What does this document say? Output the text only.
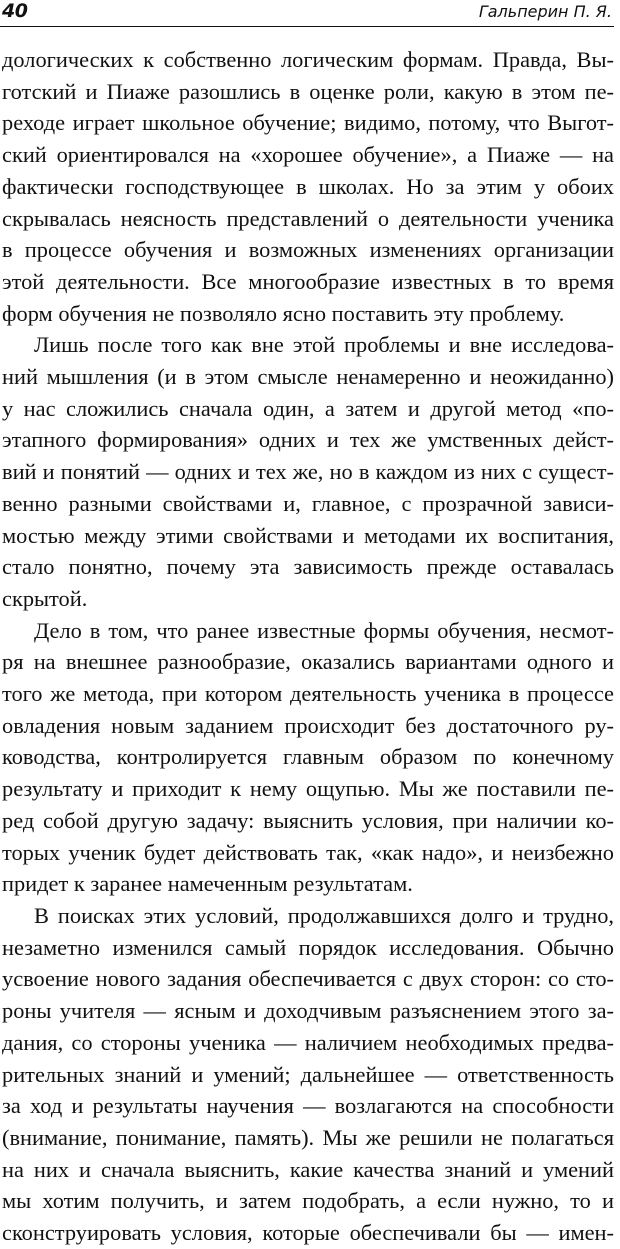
40	Гальперин П. Я.

дологических к собственно логическим формам. Правда, Вы-

готский и Пиаже разошлись в оценке роли, какую в этом пе-

реходе играет школьное обучение; видимо, потому, что Выгот-

ский ориентировался на «хорошее обучение», а Пиаже — на

фактически господствующее в школах. Но за этим у обоих

скрывалась неясность представлений о деятельности ученика

в процессе обучения и возможных изменениях организации

этой деятельности. Все многообразие известных в то время

форм обучения не позволяло ясно поставить эту проблему.

Лишь после того как вне этой проблемы и вне исследова-

ний мышления (и в этом смысле ненамеренно и неожиданно)

у нас сложились сначала один, а затем и другой метод «по-

этапного формирования» одних и тех же умственных дейст-

вий и понятий — одних и тех же, но в каждом из них с сущест-

венно разными свойствами и, главное, с прозрачной зависи-

мостью между этими свойствами и методами их воспитания,

стало понятно, почему эта зависимость прежде оставалась

скрытой.

Дело в том, что ранее известные формы обучения, несмот-

ря на внешнее разнообразие, оказались вариантами одного и

того же метода, при котором деятельность ученика в процессе

овладения новым заданием происходит без достаточного ру-

ководства, контролируется главным образом по конечному

результату и приходит к нему ощупью. Мы же поставили пе-

ред собой другую задачу: выяснить условия, при наличии ко-

торых ученик будет действовать так, «как надо», и неизбежно

придет к заранее намеченным результатам.

В поисках этих условий, продолжавшихся долго и трудно,

незаметно изменился самый порядок исследования. Обычно

усвоение нового задания обеспечивается с двух сторон: со сто-

роны учителя — ясным и доходчивым разъяснением этого за-

дания, со стороны ученика — наличием необходимых предва-

рительных знаний и умений; дальнейшее — ответственность

за ход и результаты научения — возлагаются на способности

(внимание, понимание, память). Мы же решили не полагаться

на них и сначала выяснить, какие качества знаний и умений

мы хотим получить, и затем подобрать, а если нужно, то и

сконструировать условия, которые обеспечивали бы — имен-
